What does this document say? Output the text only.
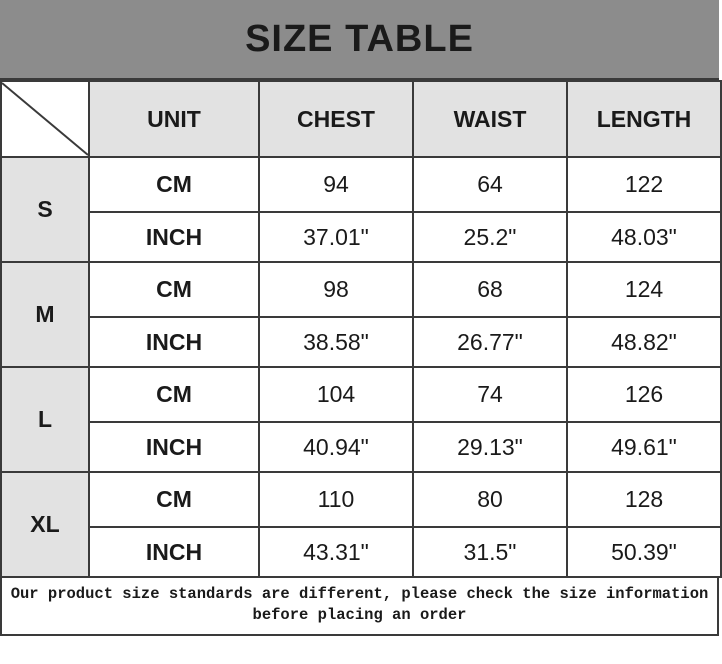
SIZE TABLE
	UNIT	CHEST	WAIST	LENGTH
S	CM	94	64	122
	INCH	37.01"	25.2"	48.03"
M	CM	98	68	124
	INCH	38.58"	26.77"	48.82"
L	CM	104	74	126
	INCH	40.94"	29.13"	49.61"
XL	CM	110	80	128
	INCH	43.31"	31.5"	50.39"
Our product size standards are different, please check the size information
before placing an order
